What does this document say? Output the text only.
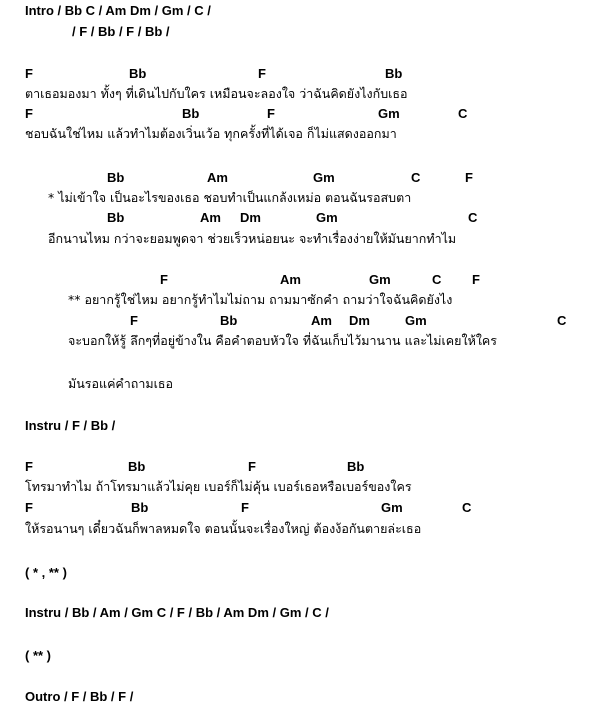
Intro / Bb C / Am Dm / Gm / C /
/ F / Bb / F / Bb /
F	Bb	F	Bb
ตาเธอมองมา ทั้งๆ ที่เดินไปกับใคร เหมือนจะลองใจ ว่าฉันคิดยังไงกับเธอ
F	Bb	F	Gm	C
ชอบฉันใช่ไหม แล้วทำไมต้องเวิ่นเว้อ ทุกครั้งที่ได้เจอ ก็ไม่แสดงออกมา
Bb	Am	Gm	C	F
* ไม่เข้าใจ เป็นอะไรของเธอ ชอบทำเป็นแกล้งเหม่อ ตอนฉันรอสบตา
Bb	Am Dm	Gm	C
อีกนานไหม กว่าจะยอมพูดจา ช่วยเร็วหน่อยนะ จะทำเรื่องง่ายให้มันยากทำไม
F	Am	Gm	C F
** อยากรู้ใช่ไหม อยากรู้ทำไมไม่ถาม ถามมาซักคำ ถามว่าใจฉันคิดยังไง
F	Bb	Am Dm	Gm	C
จะบอกให้รู้ ลึกๆที่อยู่ข้างใน คือคำตอบหัวใจ ที่ฉันเก็บไว้มานาน และไม่เคยให้ใคร
มันรอแค่คำถามเธอ
Instru / F / Bb /
F	Bb	F	Bb
โทรมาทำไม ถ้าโทรมาแล้วไม่คุย เบอร์ก็ไม่คุ้น เบอร์เธอหรือเบอร์ของใคร
F	Bb	F	Gm	C
ให้รอนานๆ เดี๋ยวฉันก็พาลหมดใจ ตอนนั้นจะเรื่องใหญ่ ต้องง้อกันตายล่ะเธอ
( * , ** )
Instru / Bb / Am / Gm C / F / Bb / Am Dm / Gm / C /
( ** )
Outro / F / Bb / F /
